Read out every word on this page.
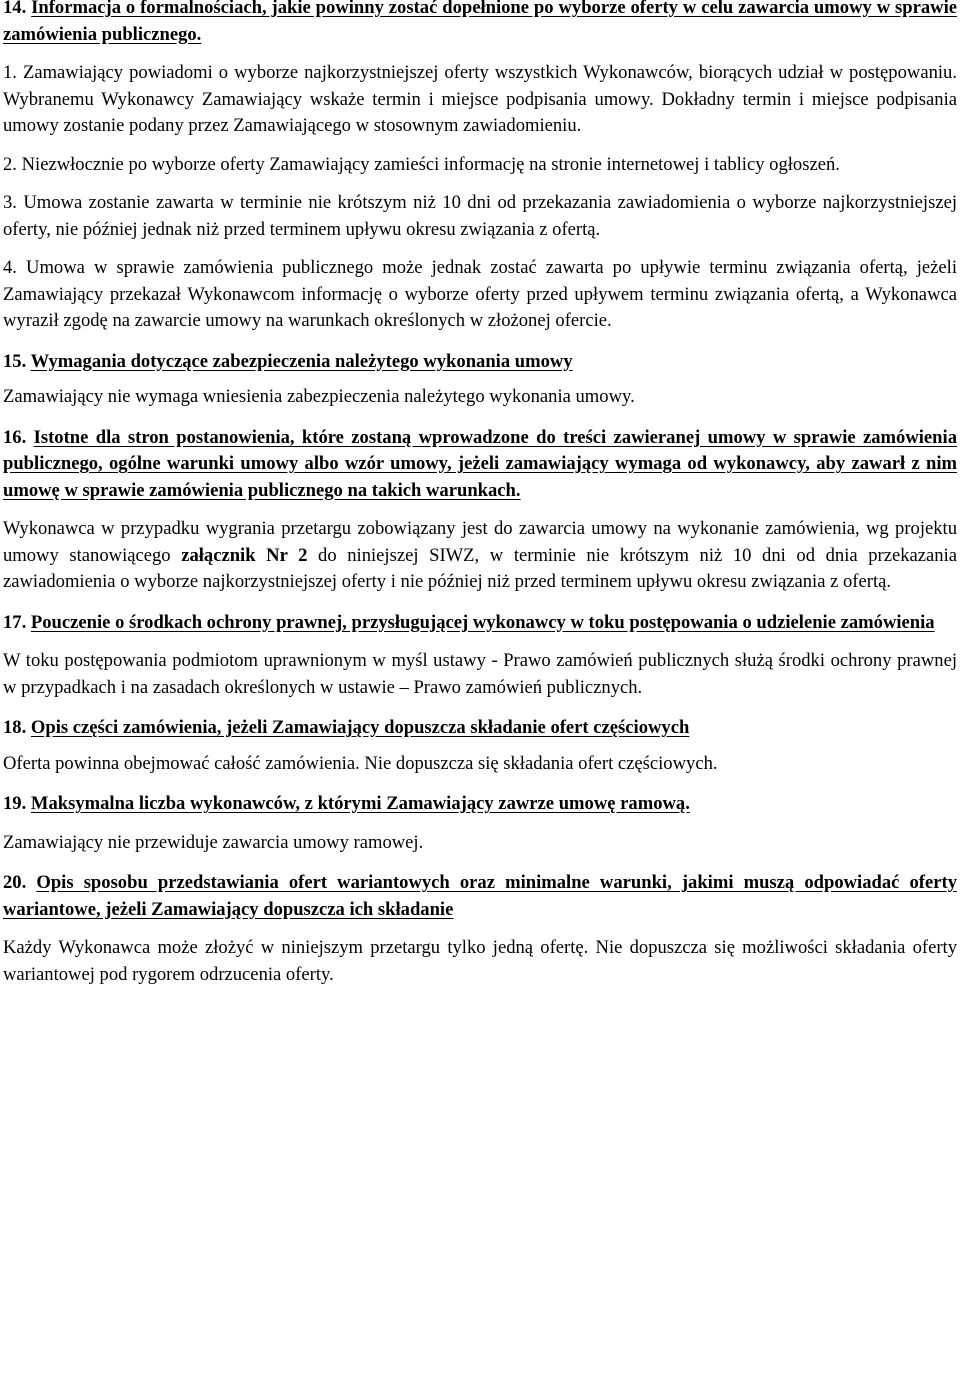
14. Informacja o formalnościach, jakie powinny zostać dopełnione po wyborze oferty w celu zawarcia umowy w sprawie zamówienia publicznego.

1. Zamawiający powiadomi o wyborze najkorzystniejszej oferty wszystkich Wykonawców, biorących udział w postępowaniu. Wybranemu Wykonawcy Zamawiający wskaże termin i miejsce podpisania umowy. Dokładny termin i miejsce podpisania umowy zostanie podany przez Zamawiającego w stosownym zawiadomieniu.

2. Niezwłocznie po wyborze oferty Zamawiający zamieści informację na stronie internetowej i tablicy ogłoszeń.

3. Umowa zostanie zawarta w terminie nie krótszym niż 10 dni od przekazania zawiadomienia o wyborze najkorzystniejszej oferty, nie później jednak niż przed terminem upływu okresu związania z ofertą.

4. Umowa w sprawie zamówienia publicznego może jednak zostać zawarta po upływie terminu związania ofertą, jeżeli Zamawiający przekazał Wykonawcom informację o wyborze oferty przed upływem terminu związania ofertą, a Wykonawca wyraził zgodę na zawarcie umowy na warunkach określonych w złożonej ofercie.

15. Wymagania dotyczące zabezpieczenia należytego wykonania umowy

Zamawiający nie wymaga wniesienia zabezpieczenia należytego wykonania umowy.

16. Istotne dla stron postanowienia, które zostaną wprowadzone do treści zawieranej umowy w sprawie zamówienia publicznego, ogólne warunki umowy albo wzór umowy, jeżeli zamawiający wymaga od wykonawcy, aby zawarł z nim umowę w sprawie zamówienia publicznego na takich warunkach.

Wykonawca w przypadku wygrania przetargu zobowiązany jest do zawarcia umowy na wykonanie zamówienia, wg projektu umowy stanowiącego załącznik Nr 2 do niniejszej SIWZ, w terminie nie krótszym niż 10 dni od dnia przekazania zawiadomienia o wyborze najkorzystniejszej oferty i nie później niż przed terminem upływu okresu związania z ofertą.

17. Pouczenie o środkach ochrony prawnej, przysługującej wykonawcy w toku postępowania o udzielenie zamówienia

W toku postępowania podmiotom uprawnionym w myśl ustawy - Prawo zamówień publicznych służą środki ochrony prawnej w przypadkach i na zasadach określonych w ustawie – Prawo zamówień publicznych.

18. Opis części zamówienia, jeżeli Zamawiający dopuszcza składanie ofert częściowych

Oferta powinna obejmować całość zamówienia. Nie dopuszcza się składania ofert częściowych.

19. Maksymalna liczba wykonawców, z którymi Zamawiający zawrze umowę ramową.

Zamawiający nie przewiduje zawarcia umowy ramowej.

20. Opis sposobu przedstawiania ofert wariantowych oraz minimalne warunki, jakimi muszą odpowiadać oferty wariantowe, jeżeli Zamawiający dopuszcza ich składanie

Każdy Wykonawca może złożyć w niniejszym przetargu tylko jedną ofertę. Nie dopuszcza się możliwości składania oferty wariantowej pod rygorem odrzucenia oferty.
